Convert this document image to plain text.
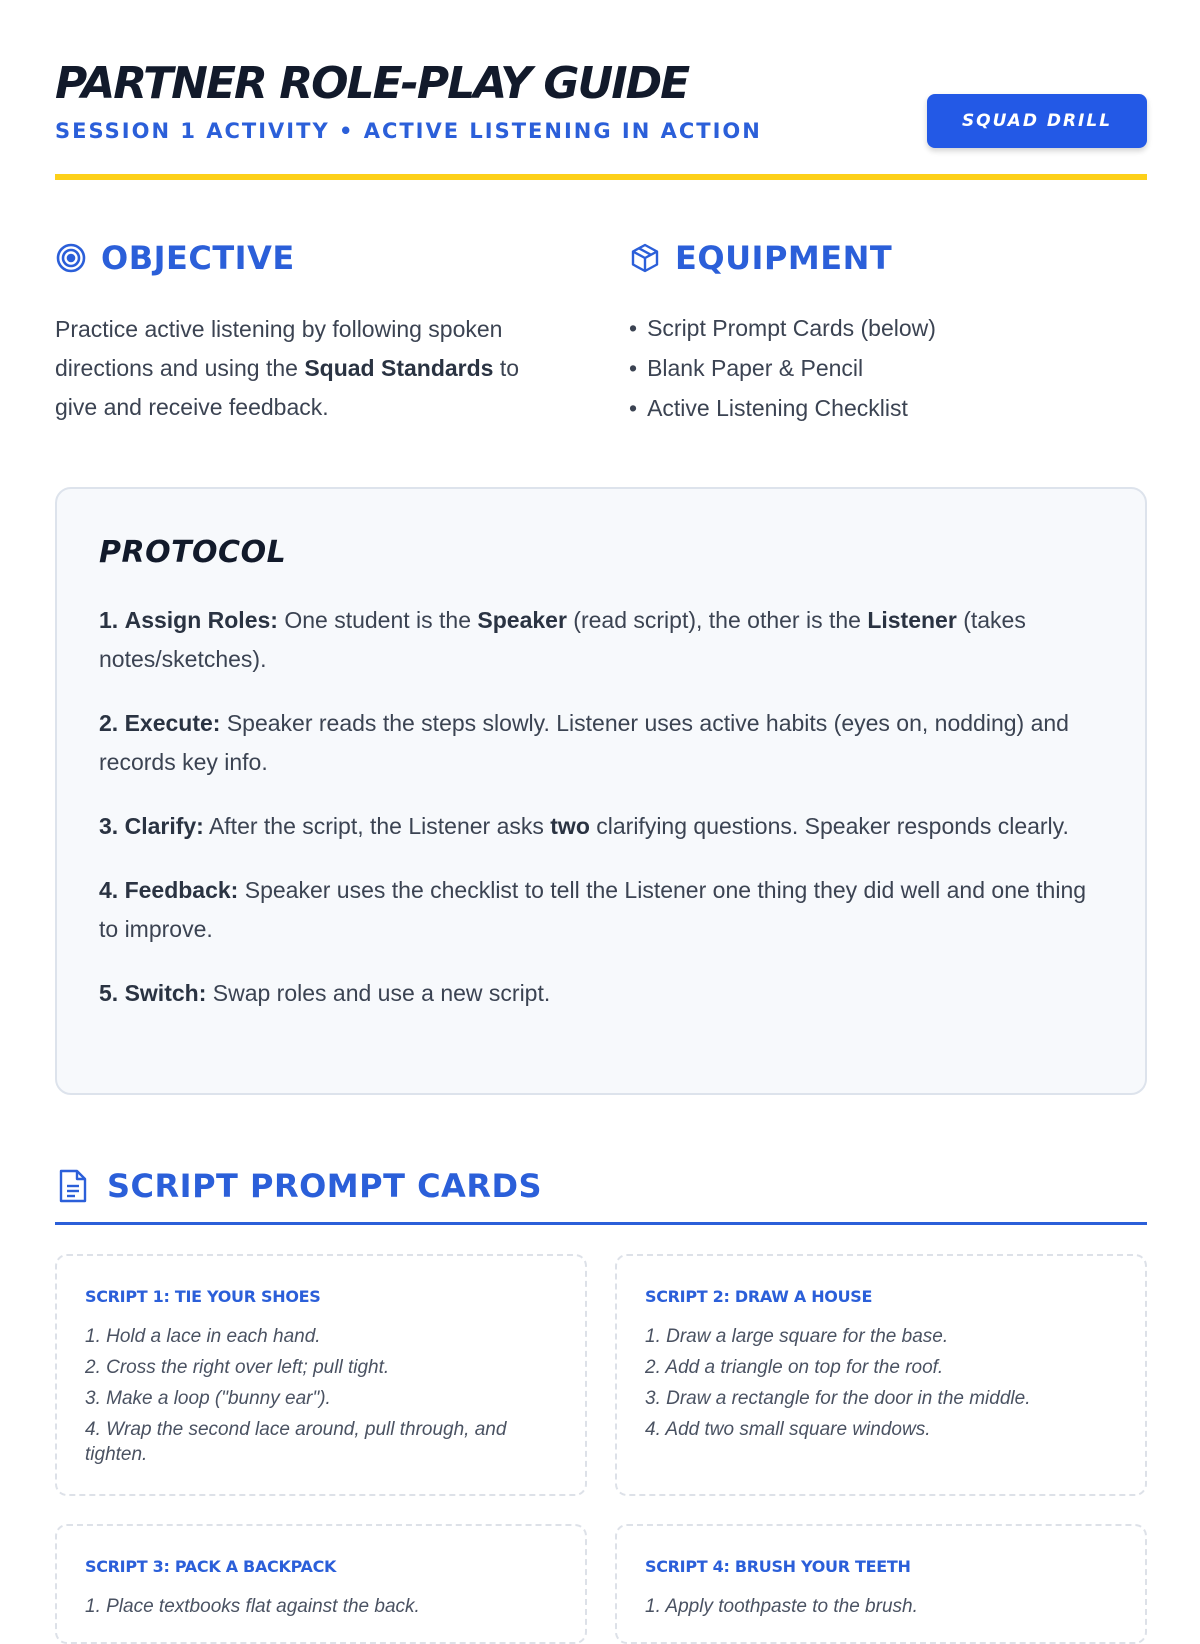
PARTNER ROLE-PLAY GUIDE
SESSION 1 ACTIVITY • ACTIVE LISTENING IN ACTION	SQUAD DRILL
OBJECTIVE

Practice active listening by following spoken directions and using the Squad Standards to give and receive feedback.

EQUIPMENT
• Script Prompt Cards (below)
• Blank Paper & Pencil
• Active Listening Checklist
PROTOCOL

1. Assign Roles: One student is the Speaker (read script), the other is the Listener (takes notes/sketches).

2. Execute: Speaker reads the steps slowly. Listener uses active habits (eyes on, nodding) and records key info.

3. Clarify: After the script, the Listener asks two clarifying questions. Speaker responds clearly.

4. Feedback: Speaker uses the checklist to tell the Listener one thing they did well and one thing to improve.

5. Switch: Swap roles and use a new script.

SCRIPT PROMPT CARDS
SCRIPT 1: TIE YOUR SHOES
1. Hold a lace in each hand.
2. Cross the right over left; pull tight.
3. Make a loop ("bunny ear").
4. Wrap the second lace around, pull through, and tighten.
SCRIPT 2: DRAW A HOUSE
1. Draw a large square for the base.
2. Add a triangle on top for the roof.
3. Draw a rectangle for the door in the middle.
4. Add two small square windows.
SCRIPT 3: PACK A BACKPACK
1. Place textbooks flat against the back.
SCRIPT 4: BRUSH YOUR TEETH
1. Apply toothpaste to the brush.
